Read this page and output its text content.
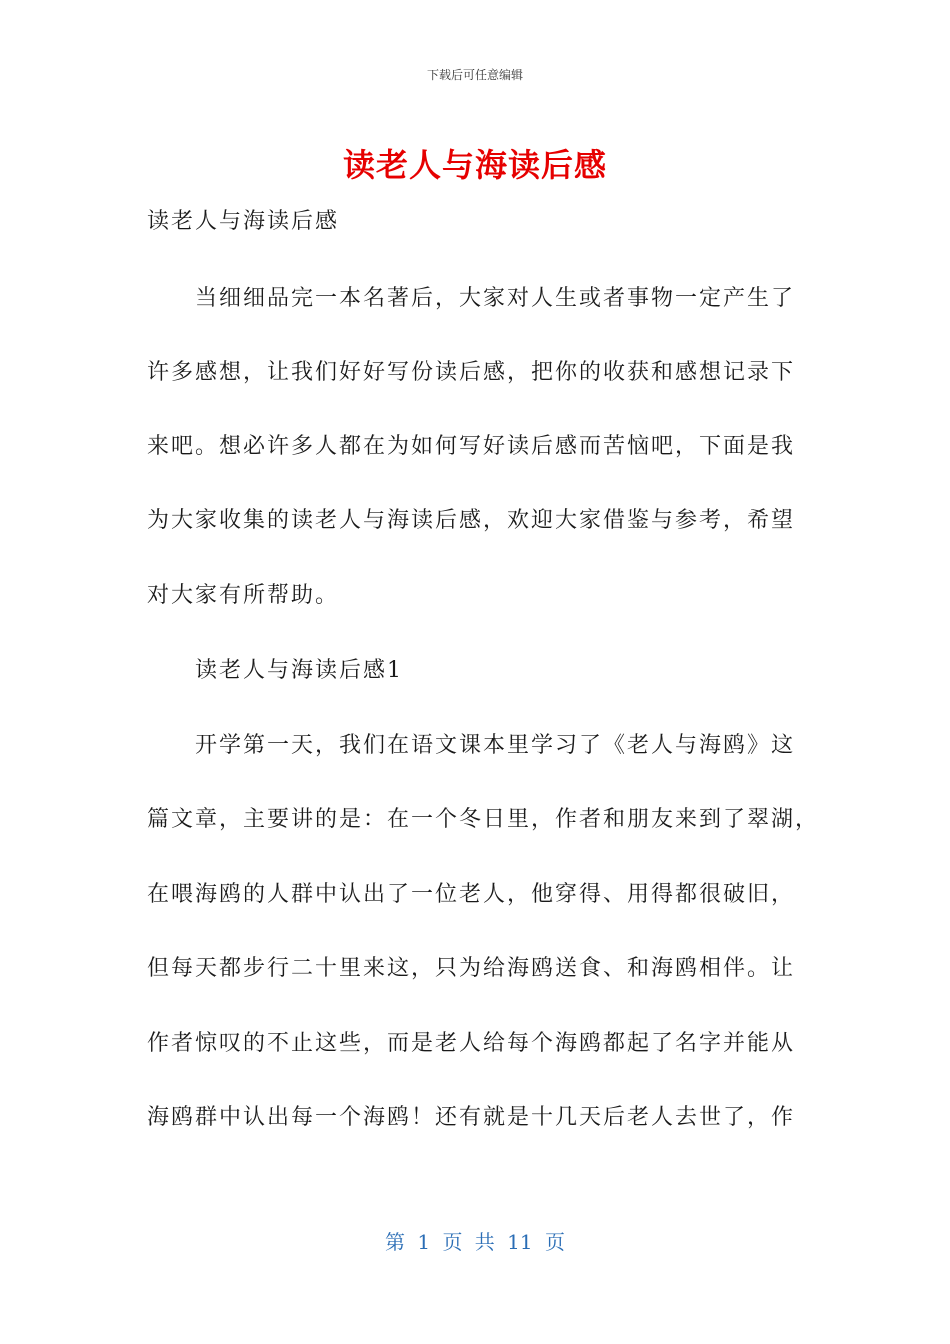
下载后可任意编辑
读老人与海读后感
读老人与海读后感
　　当细细品完一本名著后，大家对人生或者事物一定产生了
许多感想，让我们好好写份读后感，把你的收获和感想记录下
来吧。想必许多人都在为如何写好读后感而苦恼吧，下面是我
为大家收集的读老人与海读后感，欢迎大家借鉴与参考，希望
对大家有所帮助。
　　读老人与海读后感1
　　开学第一天，我们在语文课本里学习了《老人与海鸥》这
篇文章，主要讲的是：在一个冬日里，作者和朋友来到了翠湖，
在喂海鸥的人群中认出了一位老人，他穿得、用得都很破旧，
但每天都步行二十里来这，只为给海鸥送食、和海鸥相伴。让
作者惊叹的不止这些，而是老人给每个海鸥都起了名字并能从
海鸥群中认出每一个海鸥！还有就是十几天后老人去世了，作
第 1 页 共 11 页
